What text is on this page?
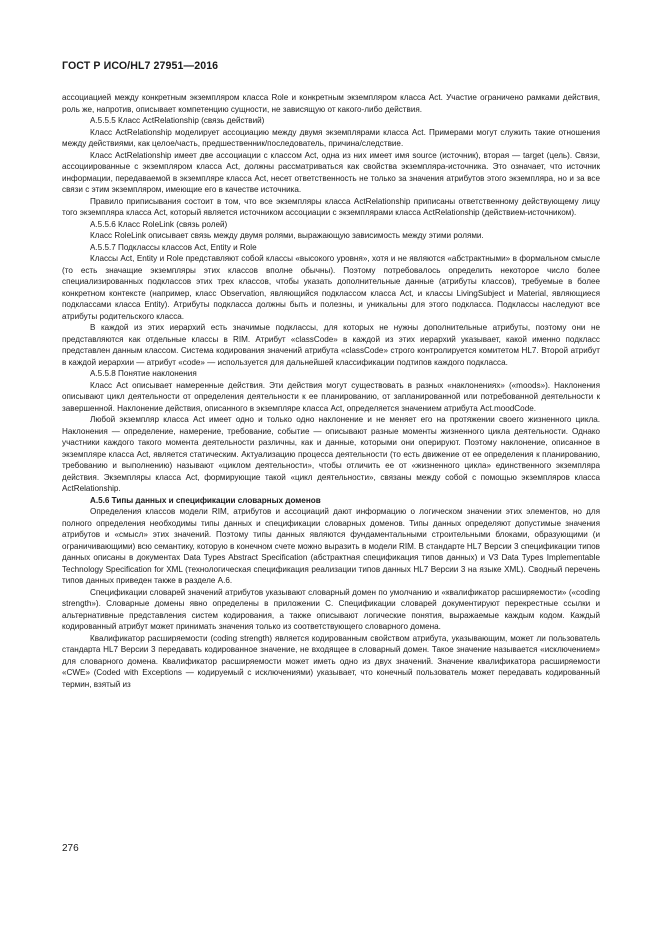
ГОСТ Р ИСО/HL7 27951—2016

ассоциацией между конкретным экземпляром класса Role и конкретным экземпляром класса Act. Участие ограничено рамками действия, роль же, напротив, описывает компетенцию сущности, не зависящую от какого-либо действия.

А.5.5.5 Класс ActRelationship (связь действий)

Класс ActRelationship моделирует ассоциацию между двумя экземплярами класса Act. Примерами могут служить такие отношения между действиями, как целое/часть, предшественник/последователь, причина/следствие.

Класс ActRelationship имеет две ассоциации с классом Act, одна из них имеет имя source (источник), вторая — target (цель). Связи, ассоциированные с экземпляром класса Act, должны рассматриваться как свойства экземпляра-источника. Это означает, что источник информации, передаваемой в экземпляре класса Act, несет ответственность не только за значения атрибутов этого экземпляра, но и за все связи с этим экземпляром, имеющие его в качестве источника.

Правило приписывания состоит в том, что все экземпляры класса ActRelationship приписаны ответственному действующему лицу того экземпляра класса Act, который является источником ассоциации с экземплярами класса ActRelationship (действием-источником).

А.5.5.6 Класс RoleLink (связь ролей)

Класс RoleLink описывает связь между двумя ролями, выражающую зависимость между этими ролями.

А.5.5.7 Подклассы классов Act, Entity и Role

Классы Act, Entity и Role представляют собой классы «высокого уровня», хотя и не являются «абстрактными» в формальном смысле (то есть значащие экземпляры этих классов вполне обычны). Поэтому потребовалось определить некоторое число более специализированных подклассов этих трех классов, чтобы указать дополнительные данные (атрибуты классов), требуемые в более конкретном контексте (например, класс Observation, являющийся подклассом класса Act, и классы LivingSubject и Material, являющиеся подклассами класса Entity). Атрибуты подкласса должны быть и полезны, и уникальны для этого подкласса. Подклассы наследуют все атрибуты родительского класса.

В каждой из этих иерархий есть значимые подклассы, для которых не нужны дополнительные атрибуты, поэтому они не представляются как отдельные классы в RIM. Атрибут «classCode» в каждой из этих иерархий указывает, какой именно подкласс представлен данным классом. Система кодирования значений атрибута «classCode» строго контролируется комитетом HL7. Второй атрибут в каждой иерархии — атрибут «code» — используется для дальнейшей классификации подтипов каждого подкласса.

А.5.5.8 Понятие наклонения

Класс Act описывает намеренные действия. Эти действия могут существовать в разных «наклонениях» («moods»). Наклонения описывают цикл деятельности от определения деятельности к ее планированию, от запланированной или потребованной деятельности к завершенной. Наклонение действия, описанного в экземпляре класса Act, определяется значением атрибута Act.moodCode.

Любой экземпляр класса Act имеет одно и только одно наклонение и не меняет его на протяжении своего жизненного цикла. Наклонения — определение, намерение, требование, событие — описывают разные моменты жизненного цикла деятельности. Однако участники каждого такого момента деятельности различны, как и данные, которыми они оперируют. Поэтому наклонение, описанное в экземпляре класса Act, является статическим. Актуализацию процесса деятельности (то есть движение от ее определения к планированию, требованию и выполнению) называют «циклом деятельности», чтобы отличить ее от «жизненного цикла» единственного экземпляра действия. Экземпляры класса Act, формирующие такой «цикл деятельности», связаны между собой с помощью экземпляров класса ActRelationship.

А.5.6 Типы данных и спецификации словарных доменов

Определения классов модели RIM, атрибутов и ассоциаций дают информацию о логическом значении этих элементов, но для полного определения необходимы типы данных и спецификации словарных доменов. Типы данных определяют допустимые значения атрибутов и «смысл» этих значений. Поэтому типы данных являются фундаментальными строительными блоками, образующими (и ограничивающими) всю семантику, которую в конечном счете можно выразить в модели RIM. В стандарте HL7 Версии 3 спецификации типов данных описаны в документах Data Types Abstract Specification (абстрактная спецификация типов данных) и V3 Data Types Implementable Technology Specification for XML (технологическая спецификация реализации типов данных HL7 Версии 3 на языке XML). Сводный перечень типов данных приведен также в разделе А.6.

Спецификации словарей значений атрибутов указывают словарный домен по умолчанию и «квалификатор расширяемости» («coding strength»). Словарные домены явно определены в приложении С. Спецификации словарей документируют перекрестные ссылки и альтернативные представления систем кодирования, а также описывают логические понятия, выражаемые каждым кодом. Каждый кодированный атрибут может принимать значения только из соответствующего словарного домена.

Квалификатор расширяемости (coding strength) является кодированным свойством атрибута, указывающим, может ли пользователь стандарта HL7 Версии 3 передавать кодированное значение, не входящее в словарный домен. Такое значение называется «исключением» для словарного домена. Квалификатор расширяемости может иметь одно из двух значений. Значение квалификатора расширяемости «CWE» (Coded with Exceptions — кодируемый с исключениями) указывает, что конечный пользователь может передавать кодированный термин, взятый из

276
